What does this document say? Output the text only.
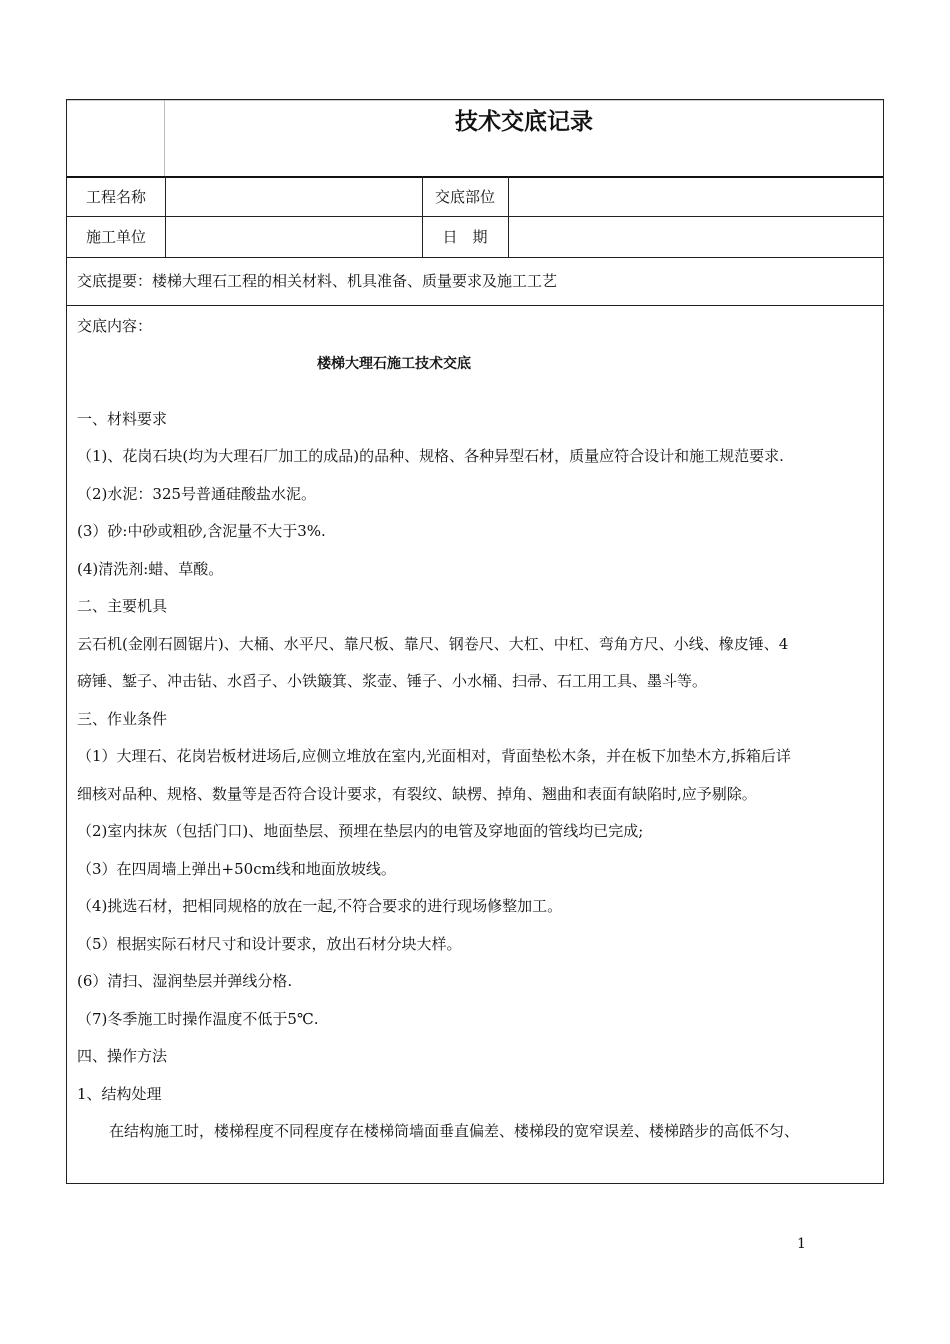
技术交底记录
工程名称	交底部位
施工单位	日　期
交底提要：楼梯大理石工程的相关材料、机具准备、质量要求及施工工艺

交底内容：

楼梯大理石施工技术交底

一、材料要求

（1)、花岗石块(均为大理石厂加工的成品)的品种、规格、各种异型石材，质量应符合设计和施工规范要求.

（2)水泥：325号普通硅酸盐水泥。

(3）砂:中砂或粗砂,含泥量不大于3%.

(4)清洗剂:蜡、草酸。

二、主要机具

云石机(金刚石圆锯片)、大桶、水平尺、靠尺板、靠尺、钢卷尺、大杠、中杠、弯角方尺、小线、橡皮锤、4

磅锤、錾子、冲击钻、水舀子、小铁簸箕、浆壶、锤子、小水桶、扫帚、石工用工具、墨斗等。

三、作业条件

（1）大理石、花岗岩板材进场后,应侧立堆放在室内,光面相对，背面垫松木条，并在板下加垫木方,拆箱后详

细核对品种、规格、数量等是否符合设计要求，有裂纹、缺楞、掉角、翘曲和表面有缺陷时,应予剔除。

（2)室内抹灰（包括门口)、地面垫层、预埋在垫层内的电管及穿地面的管线均已完成;

（3）在四周墙上弹出+50cm线和地面放坡线。

（4)挑选石材，把相同规格的放在一起,不符合要求的进行现场修整加工。

（5）根据实际石材尺寸和设计要求，放出石材分块大样。

(6）清扫、湿润垫层并弹线分格.

（7)冬季施工时操作温度不低于5℃.

四、操作方法

1、结构处理

在结构施工时，楼梯程度不同程度存在楼梯筒墙面垂直偏差、楼梯段的宽窄误差、楼梯踏步的高低不匀、

1
